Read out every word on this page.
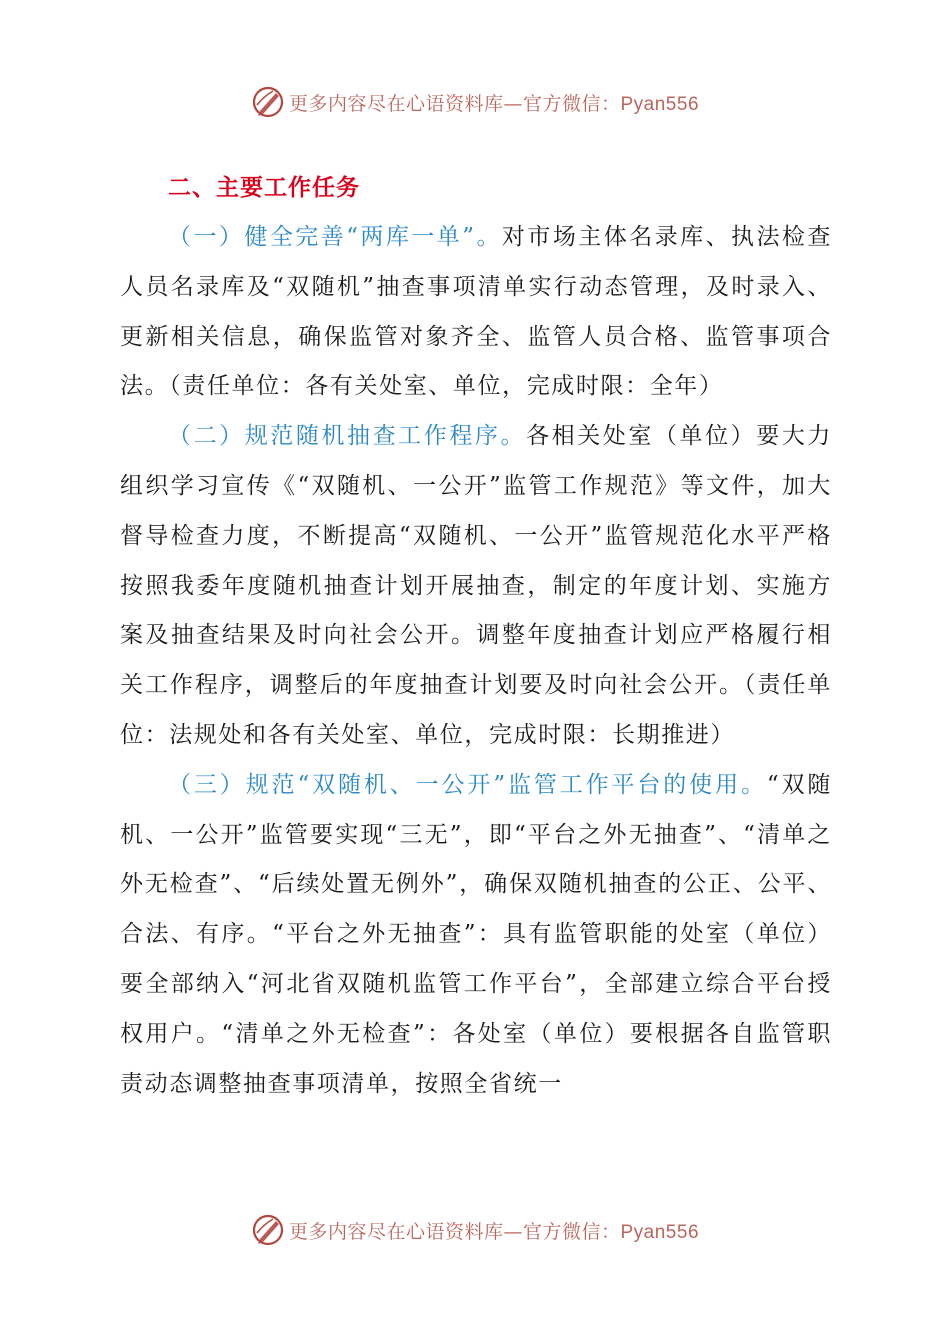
更多内容尽在心语资料库—官方微信：Pyan556
二、主要工作任务

（一）健全完善“两库一单”。对市场主体名录库、执法检查人员名录库及“双随机”抽查事项清单实行动态管理，及时录入、更新相关信息，确保监管对象齐全、监管人员合格、监管事项合法。（责任单位：各有关处室、单位，完成时限：全年）

（二）规范随机抽查工作程序。各相关处室（单位）要大力组织学习宣传《“双随机、一公开”监管工作规范》等文件，加大督导检查力度，不断提高“双随机、一公开”监管规范化水平严格按照我委年度随机抽查计划开展抽查，制定的年度计划、实施方案及抽查结果及时向社会公开。调整年度抽查计划应严格履行相关工作程序，调整后的年度抽查计划要及时向社会公开。（责任单位：法规处和各有关处室、单位，完成时限：长期推进）

（三）规范“双随机、一公开”监管工作平台的使用。“双随机、一公开”监管要实现“三无”，即“平台之外无抽查”、“清单之外无检查”、“后续处置无例外”，确保双随机抽查的公正、公平、合法、有序。“平台之外无抽查”：具有监管职能的处室（单位）要全部纳入“河北省双随机监管工作平台”，全部建立综合平台授权用户。“清单之外无检查”：各处室（单位）要根据各自监管职责动态调整抽查事项清单，按照全省统一

更多内容尽在心语资料库—官方微信：Pyan556
